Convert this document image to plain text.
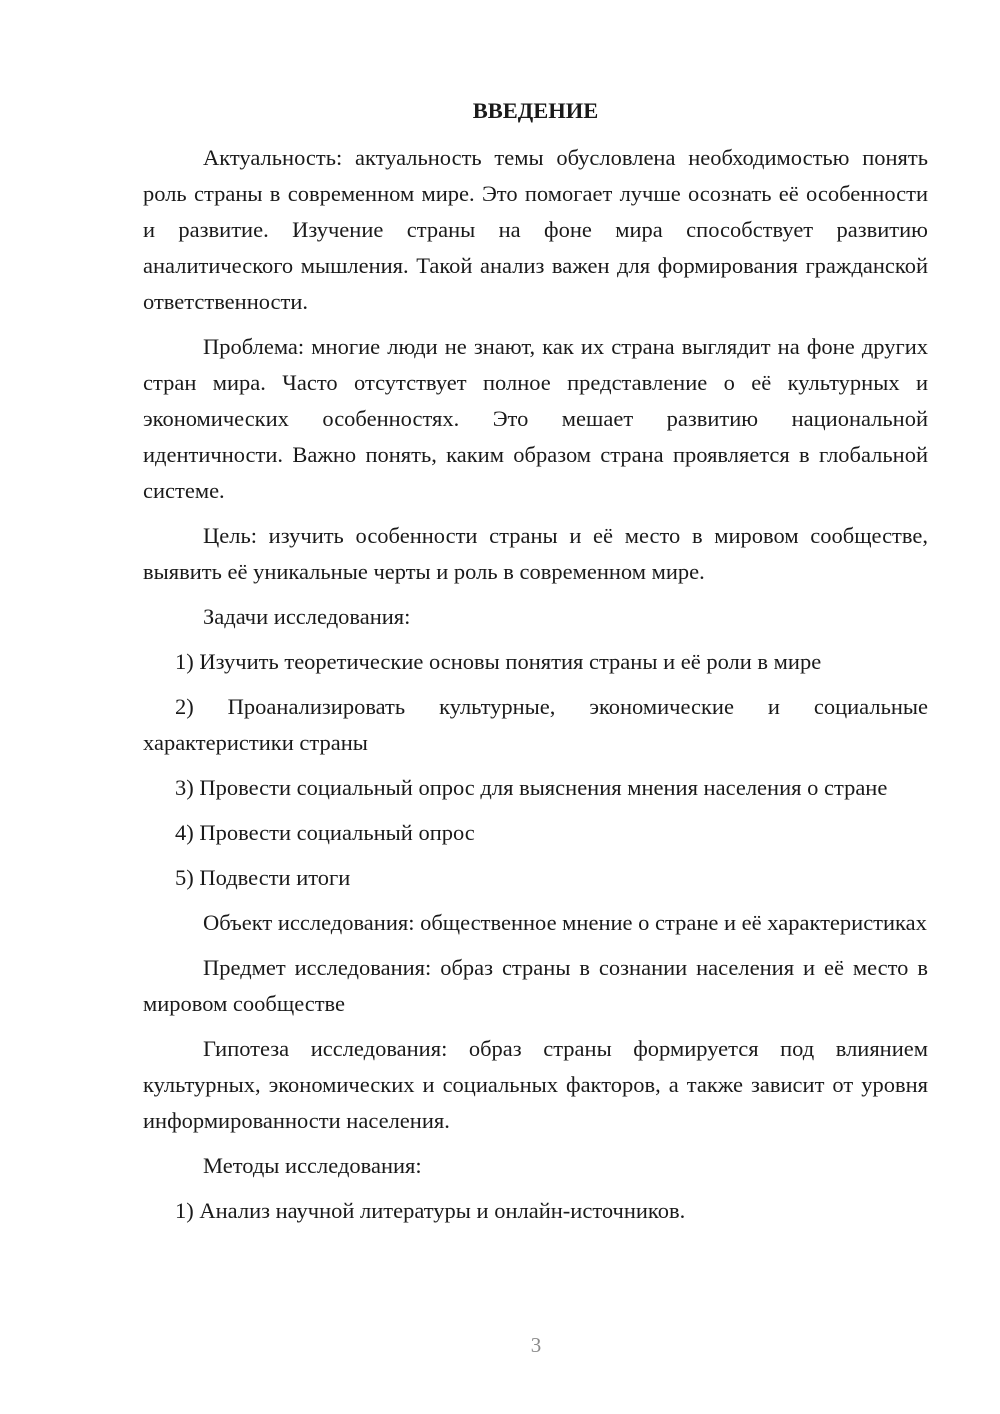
ВВЕДЕНИЕ

Актуальность: актуальность темы обусловлена необходимостью понять роль страны в современном мире. Это помогает лучше осознать её особенности и развитие. Изучение страны на фоне мира способствует развитию аналитического мышления. Такой анализ важен для формирования гражданской ответственности.

Проблема: многие люди не знают, как их страна выглядит на фоне других стран мира. Часто отсутствует полное представление о её культурных и экономических особенностях. Это мешает развитию национальной идентичности. Важно понять, каким образом страна проявляется в глобальной системе.

Цель: изучить особенности страны и её место в мировом сообществе, выявить её уникальные черты и роль в современном мире.

Задачи исследования:

1) Изучить теоретические основы понятия страны и её роли в мире

2) Проанализировать культурные, экономические и социальные характеристики страны

3) Провести социальный опрос для выяснения мнения населения о стране

4) Провести социальный опрос

5) Подвести итоги

Объект исследования: общественное мнение о стране и её характеристиках

Предмет исследования: образ страны в сознании населения и её место в мировом сообществе

Гипотеза исследования: образ страны формируется под влиянием культурных, экономических и социальных факторов, а также зависит от уровня информированности населения.

Методы исследования:

1) Анализ научной литературы и онлайн-источников.

3
